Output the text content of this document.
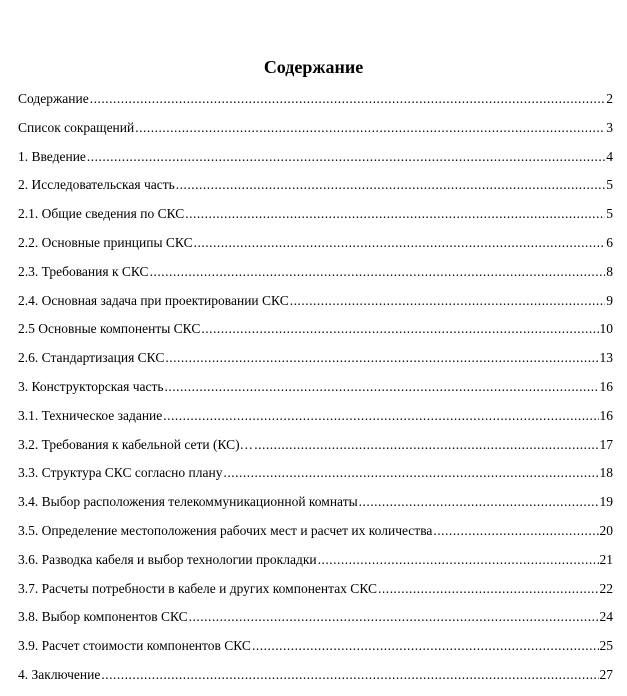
Содержание
Содержание .....	2
Список сокращений .....	3
1. Введение .....	4
2. Исследовательская часть .....	5
2.1. Общие сведения по СКС .....	5
2.2. Основные принципы СКС .....	6
2.3. Требования к СКС .....	8
2.4. Основная задача при проектировании СКС .....	9
2.5 Основные компоненты СКС .....	10
2.6. Стандартизация СКС .....	13
3. Конструкторская часть .....	16
3.1. Техническое задание .....	16
3.2. Требования к кабельной сети (КС)… .....	17
3.3. Структура СКС согласно плану .....	18
3.4. Выбор расположения телекоммуникационной комнаты .....	19
3.5. Определение местоположения рабочих мест и расчет их количества .....	20
3.6. Разводка кабеля и выбор технологии прокладки .....	21
3.7. Расчеты потребности в кабеле и других компонентах СКС .....	22
3.8. Выбор компонентов СКС .....	24
3.9. Расчет стоимости компонентов СКС .....	25
4. Заключение .....	27
